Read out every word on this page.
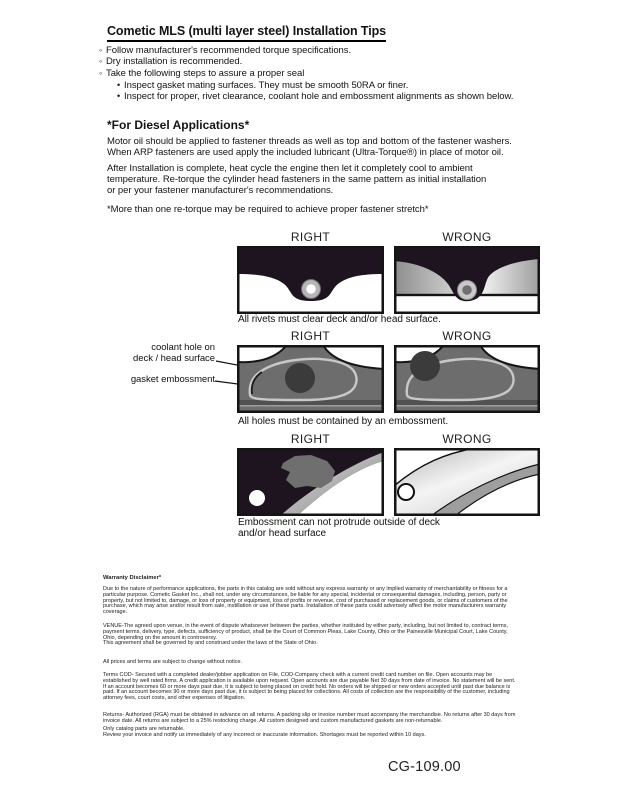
Cometic MLS (multi layer steel) Installation Tips
◦ Follow manufacturer's recommended torque specifications.
◦ Dry installation is recommended.
◦ Take the following steps to assure a proper seal
• Inspect gasket mating surfaces. They must be smooth 50RA or finer.
• Inspect for proper, rivet clearance, coolant hole and embossment alignments as shown below.
*For Diesel Applications*
Motor oil should be applied to fastener threads as well as top and bottom of the fastener washers.
When ARP fasteners are used apply the included lubricant (Ultra-Torque®) in place of motor oil.
After Installation is complete, heat cycle the engine then let it completely cool to ambient
temperature. Re-torque the cylinder head fasteners in the same pattern as initial installation
or per your fastener manufacturer's recommendations.
*More than one re-torque may be required to achieve proper fastener stretch*
RIGHT	WRONG
All rivets must clear deck and/or head surface.
coolant hole on
deck / head surface
gasket embossment
RIGHT	WRONG
All holes must be contained by an embossment.
RIGHT	WRONG
Embossment can not protrude outside of deck
and/or head surface
Warranty Disclaimer*
Due to the nature of performance applications, the parts in this catalog are sold without any express warranty or any implied warranty of merchantability or fitness for a particular purpose. Cometic Gasket Inc., shall not, under any circumstances, be liable for any special, incidental or consequential damages, including, person, party or property, but not limited to, damage, or loss of property or equipment, loss of profits or revenue, cost of purchased or replacement goods, or claims of customers of the purchase, which may arise and/or result from sale, instillation or use of these parts. Installation of these parts could adversely affect the motor manufacturers warranty coverage.
VENUE-The agreed upon venue, in the event of dispute whatsoever between the parties, whether instituted by either party, including, but not limited to, contract terms, payment terms, delivery, type, defects, sufficiency of product, shall be the Court of Common Pleas, Lake County, Ohio or the Painesville Municipal Court, Lake County, Ohio, depending on the amount in controversy.
This agreement shall be governed by and construed under the laws of the State of Ohio.
All prices and terms are subject to change without notice.
Terms COD- Secured with a completed dealer/jobber application on File, COD-Company check with a current credit card number on file. Open accounts may be established by well rated firms. A credit application is available upon request. Open accounts are due payable Net 30 days from date of invoice. No statement will be sent. If an account becomes 60 or more days past due, it is subject to being placed on credit hold. No orders will be shipped or new orders accepted until past due balance is paid. If an account becomes 90 or more days past due, it is subject to being placed for collections. All costs of collection are the responsibility of the customer, including attorney fees, court costs, and other expenses of litigation.
Returns- Authorized (RGA) must be obtained in advance on all returns. A packing slip or invoice number must accompany the merchandise. No returns after 30 days from invoice date. All returns are subject to a 25% restocking charge. All custom designed and custom manufactured gaskets are non-returnable.
Only catalog parts are returnable.
Review your invoice and notify us immediately of any incorrect or inaccurate information. Shortages must be reported within 10 days.
CG-109.00
